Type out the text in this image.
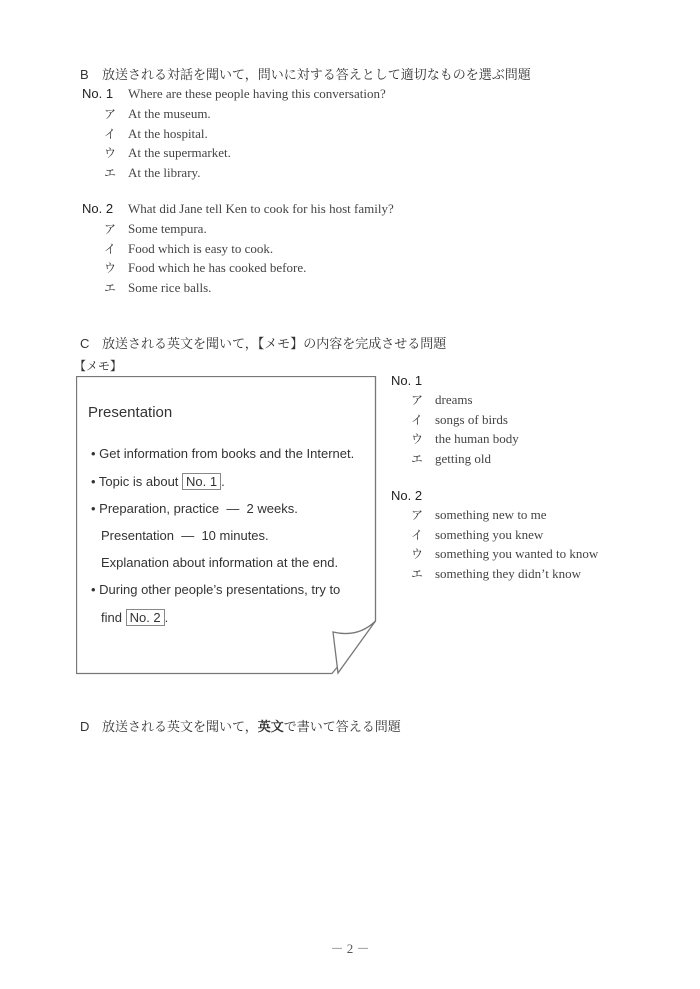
B 放送される対話を聞いて，問いに対する答えとして適切なものを選ぶ問題
No. 1 Where are these people having this conversation?
ア At the museum.
イ At the hospital.
ウ At the supermarket.
エ At the library.
No. 2 What did Jane tell Ken to cook for his host family?
ア Some tempura.
イ Food which is easy to cook.
ウ Food which he has cooked before.
エ Some rice balls.
C 放送される英文を聞いて，【メモ】の内容を完成させる問題
【メモ】
Presentation
• Get information from books and the Internet.
• Topic is about No. 1 .
• Preparation, practice  —  2 weeks.
Presentation  —  10 minutes.
Explanation about information at the end.
• During other people’s presentations, try to
find No. 2 .
No. 1
ア dreams
イ songs of birds
ウ the human body
エ getting old
No. 2
ア something new to me
イ something you knew
ウ something you wanted to know
エ something they didn’t know
D 放送される英文を聞いて，英文で書いて答える問題
－ 2 －
